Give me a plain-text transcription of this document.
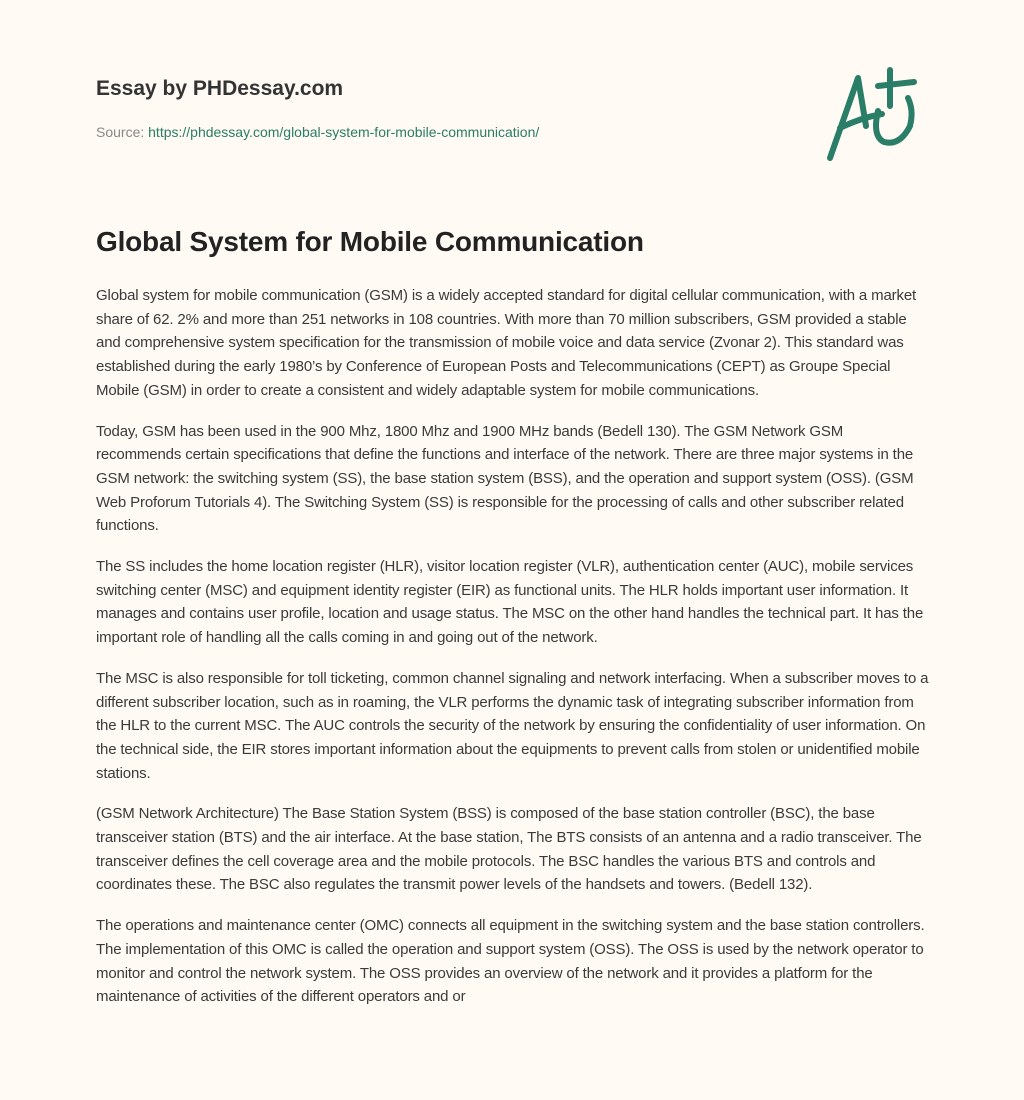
Essay by PHDessay.com
Source: https://phdessay.com/global-system-for-mobile-communication/
Global System for Mobile Communication

Global system for mobile communication (GSM) is a widely accepted standard for digital cellular communication, with a market share of 62. 2% and more than 251 networks in 108 countries. With more than 70 million subscribers, GSM provided a stable and comprehensive system specification for the transmission of mobile voice and data service (Zvonar 2). This standard was established during the early 1980’s by Conference of European Posts and Telecommunications (CEPT) as Groupe Special Mobile (GSM) in order to create a consistent and widely adaptable system for mobile communications.

Today, GSM has been used in the 900 Mhz, 1800 Mhz and 1900 MHz bands (Bedell 130). The GSM Network GSM recommends certain specifications that define the functions and interface of the network. There are three major systems in the GSM network: the switching system (SS), the base station system (BSS), and the operation and support system (OSS). (GSM Web Proforum Tutorials 4). The Switching System (SS) is responsible for the processing of calls and other subscriber related functions.

The SS includes the home location register (HLR), visitor location register (VLR), authentication center (AUC), mobile services switching center (MSC) and equipment identity register (EIR) as functional units. The HLR holds important user information. It manages and contains user profile, location and usage status. The MSC on the other hand handles the technical part. It has the important role of handling all the calls coming in and going out of the network.

The MSC is also responsible for toll ticketing, common channel signaling and network interfacing. When a subscriber moves to a different subscriber location, such as in roaming, the VLR performs the dynamic task of integrating subscriber information from the HLR to the current MSC. The AUC controls the security of the network by ensuring the confidentiality of user information. On the technical side, the EIR stores important information about the equipments to prevent calls from stolen or unidentified mobile stations.

(GSM Network Architecture) The Base Station System (BSS) is composed of the base station controller (BSC), the base transceiver station (BTS) and the air interface. At the base station, The BTS consists of an antenna and a radio transceiver. The transceiver defines the cell coverage area and the mobile protocols. The BSC handles the various BTS and controls and coordinates these. The BSC also regulates the transmit power levels of the handsets and towers. (Bedell 132).

The operations and maintenance center (OMC) connects all equipment in the switching system and the base station controllers. The implementation of this OMC is called the operation and support system (OSS). The OSS is used by the network operator to monitor and control the network system. The OSS provides an overview of the network and it provides a platform for the maintenance of activities of the different operators and or
